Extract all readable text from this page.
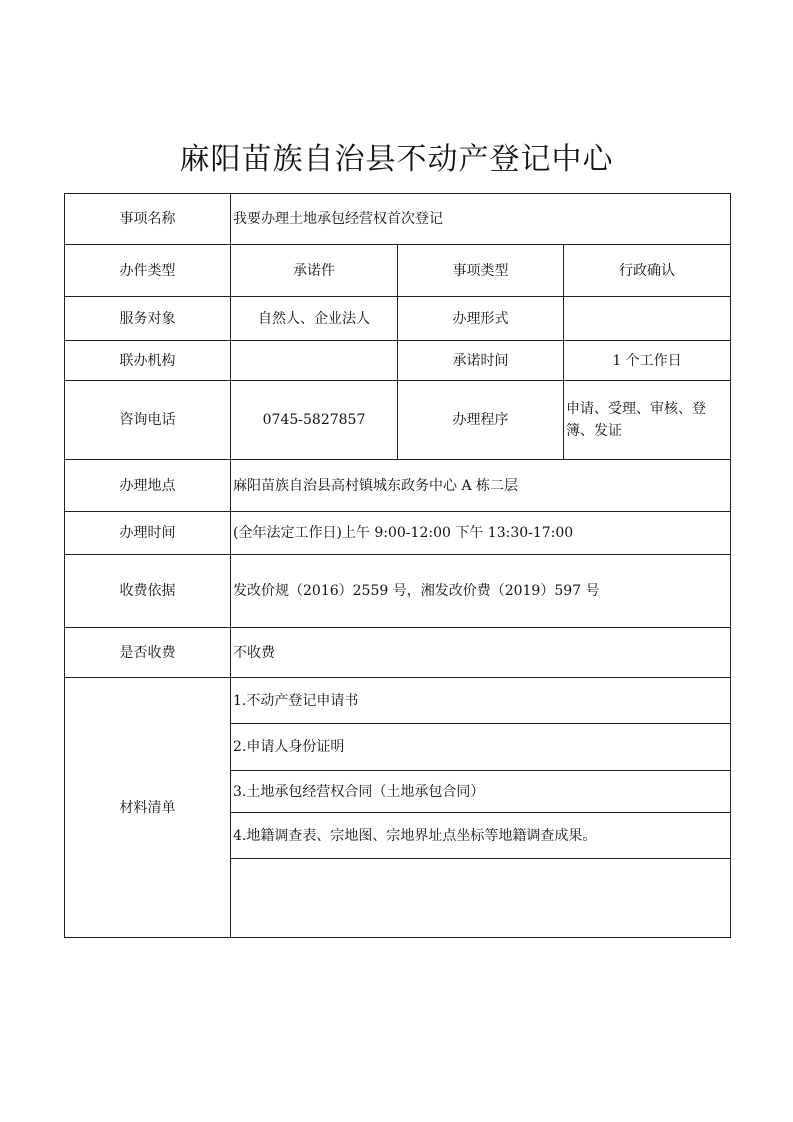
麻阳苗族自治县不动产登记中心
事项名称	我要办理土地承包经营权首次登记		
办件类型	承诺件	事项类型	行政确认
服务对象	自然人、企业法人	办理形式	
联办机构		承诺时间	1 个工作日
咨询电话	0745-5827857	办理程序	申请、受理、审核、登簿、发证
办理地点	麻阳苗族自治县高村镇城东政务中心 A 栋二层		
办理时间	(全年法定工作日)上午 9:00-12:00 下午 13:30-17:00		
收费依据	发改价规（2016）2559 号，湘发改价费（2019）597 号		
是否收费	不收费		
材料清单	1.不动产登记申请书		
	2.申请人身份证明		
	3.土地承包经营权合同（土地承包合同）		
	4.地籍调查表、宗地图、宗地界址点坐标等地籍调查成果。		
